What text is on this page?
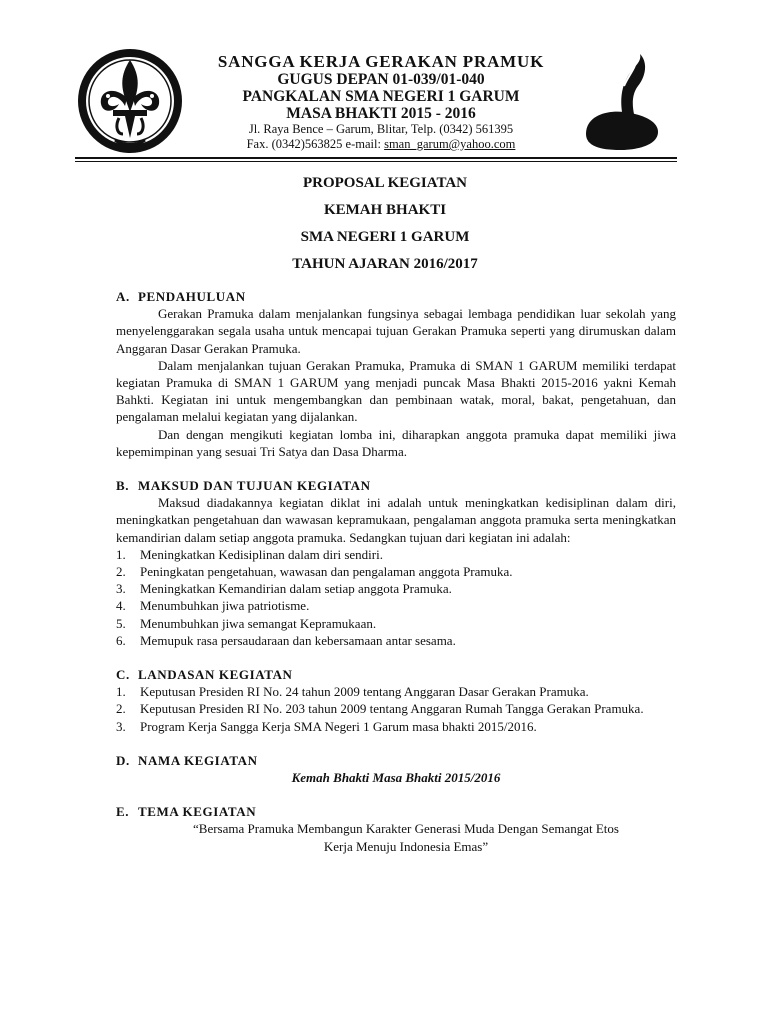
SANGGA KERJA GERAKAN PRAMUK
GUGUS DEPAN 01-039/01-040
PANGKALAN SMA NEGERI 1 GARUM
MASA BHAKTI 2015 - 2016
Jl. Raya Bence – Garum, Blitar, Telp. (0342) 561395
Fax. (0342)563825 e-mail: sman_garum@yahoo.com
PROPOSAL KEGIATAN
KEMAH BHAKTI
SMA NEGERI 1 GARUM
TAHUN AJARAN 2016/2017
A. PENDAHULUAN

Gerakan Pramuka dalam menjalankan fungsinya sebagai lembaga pendidikan luar sekolah yang menyelenggarakan segala usaha untuk mencapai tujuan Gerakan Pramuka seperti yang dirumuskan dalam Anggaran Dasar Gerakan Pramuka.

Dalam menjalankan tujuan Gerakan Pramuka, Pramuka di SMAN 1 GARUM memiliki terdapat kegiatan Pramuka di SMAN 1 GARUM yang menjadi puncak Masa Bhakti 2015-2016 yakni Kemah Bahkti. Kegiatan ini untuk mengembangkan dan pembinaan watak, moral, bakat, pengetahuan, dan pengalaman melalui kegiatan yang dijalankan.

Dan dengan mengikuti kegiatan lomba ini, diharapkan anggota pramuka dapat memiliki jiwa kepemimpinan yang sesuai Tri Satya dan Dasa Dharma.

B. MAKSUD DAN TUJUAN KEGIATAN

Maksud diadakannya kegiatan diklat ini adalah untuk meningkatkan kedisiplinan dalam diri, meningkatkan pengetahuan dan wawasan kepramukaan, pengalaman anggota pramuka serta meningkatkan kemandirian dalam setiap anggota pramuka. Sedangkan tujuan dari kegiatan ini adalah:

1.	Meningkatkan Kedisiplinan dalam diri sendiri.
2.	Peningkatan pengetahuan, wawasan dan pengalaman anggota Pramuka.
3.	Meningkatkan Kemandirian dalam setiap anggota Pramuka.
4.	Menumbuhkan jiwa patriotisme.
5.	Menumbuhkan jiwa semangat Kepramukaan.
6.	Memupuk rasa persaudaraan dan kebersamaan antar sesama.
C. LANDASAN KEGIATAN
1.	Keputusan Presiden RI No. 24 tahun 2009 tentang Anggaran Dasar Gerakan Pramuka.
2.	Keputusan Presiden RI No. 203 tahun 2009 tentang Anggaran Rumah Tangga Gerakan Pramuka.
3.	Program Kerja Sangga Kerja SMA Negeri 1 Garum masa bhakti 2015/2016.
D. NAMA KEGIATAN
Kemah Bhakti Masa Bhakti 2015/2016
E. TEMA KEGIATAN
“Bersama Pramuka Membangun Karakter Generasi Muda Dengan Semangat Etos
Kerja Menuju Indonesia Emas”
